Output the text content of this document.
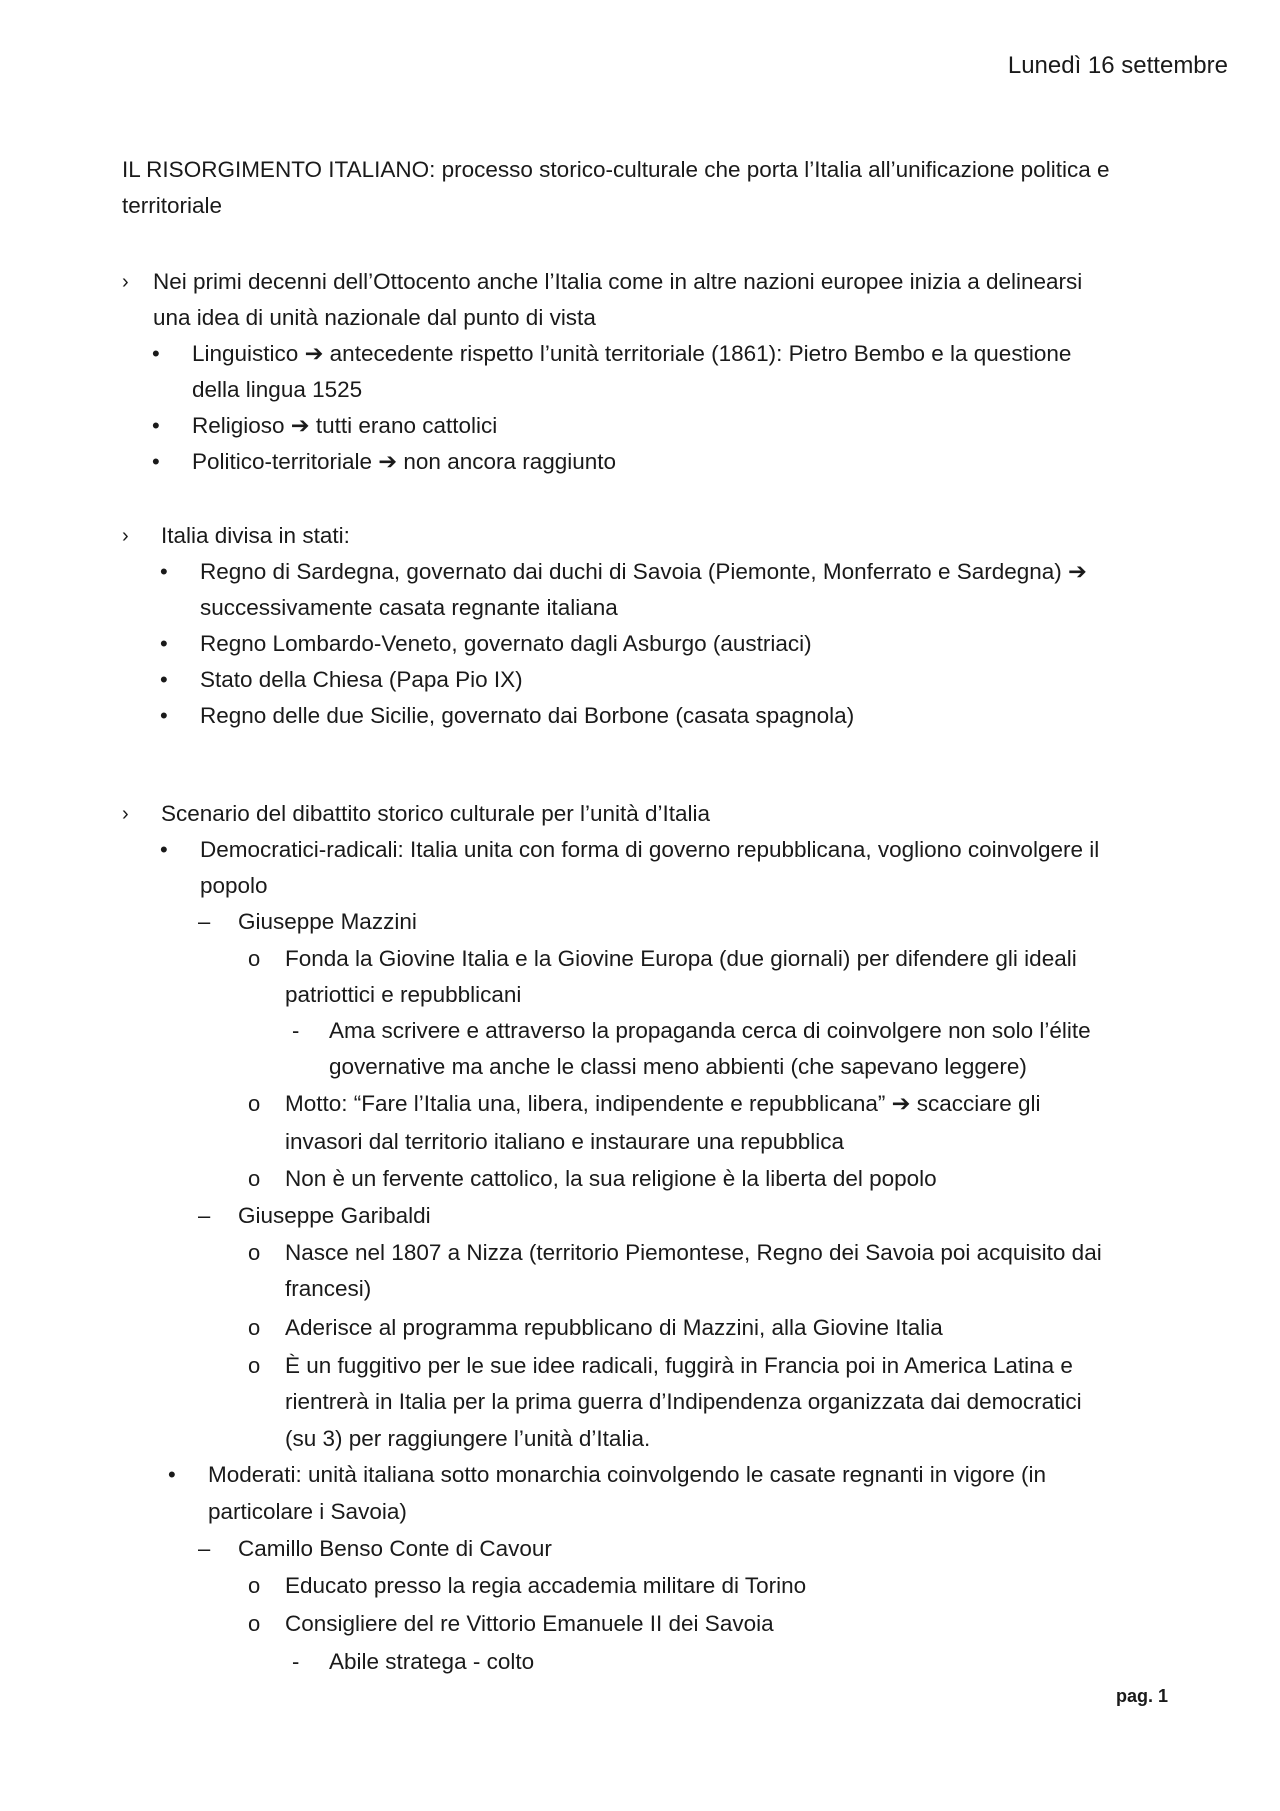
Lunedì 16 settembre
IL RISORGIMENTO ITALIANO: processo storico-culturale che porta l’Italia all’unificazione politica e territoriale
› Nei primi decenni dell’Ottocento anche l’Italia come in altre nazioni europee inizia a delinearsi
una idea di unità nazionale dal punto di vista
• Linguistico ➔ antecedente rispetto l’unità territoriale (1861): Pietro Bembo e la questione
della lingua 1525
• Religioso ➔ tutti erano cattolici
• Politico-territoriale ➔ non ancora raggiunto
› Italia divisa in stati:
• Regno di Sardegna, governato dai duchi di Savoia (Piemonte, Monferrato e Sardegna) ➔
successivamente casata regnante italiana
• Regno Lombardo-Veneto, governato dagli Asburgo (austriaci)
• Stato della Chiesa (Papa Pio IX)
• Regno delle due Sicilie, governato dai Borbone (casata spagnola)
› Scenario del dibattito storico culturale per l’unità d’Italia
• Democratici-radicali: Italia unita con forma di governo repubblicana, vogliono coinvolgere il
popolo
– Giuseppe Mazzini
o Fonda la Giovine Italia e la Giovine Europa (due giornali) per difendere gli ideali
patriottici e repubblicani
- Ama scrivere e attraverso la propaganda cerca di coinvolgere non solo l’élite
governative ma anche le classi meno abbienti (che sapevano leggere)
o Motto: “Fare l’Italia una, libera, indipendente e repubblicana” ➔ scacciare gli
invasori dal territorio italiano e instaurare una repubblica
o Non è un fervente cattolico, la sua religione è la liberta del popolo
– Giuseppe Garibaldi
o Nasce nel 1807 a Nizza (territorio Piemontese, Regno dei Savoia poi acquisito dai
francesi)
o Aderisce al programma repubblicano di Mazzini, alla Giovine Italia
o È un fuggitivo per le sue idee radicali, fuggirà in Francia poi in America Latina e
rientrerà in Italia per la prima guerra d’Indipendenza organizzata dai democratici
(su 3) per raggiungere l’unità d’Italia.
• Moderati: unità italiana sotto monarchia coinvolgendo le casate regnanti in vigore (in
particolare i Savoia)
– Camillo Benso Conte di Cavour
o Educato presso la regia accademia militare di Torino
o Consigliere del re Vittorio Emanuele II dei Savoia
- Abile stratega - colto
pag. 1
